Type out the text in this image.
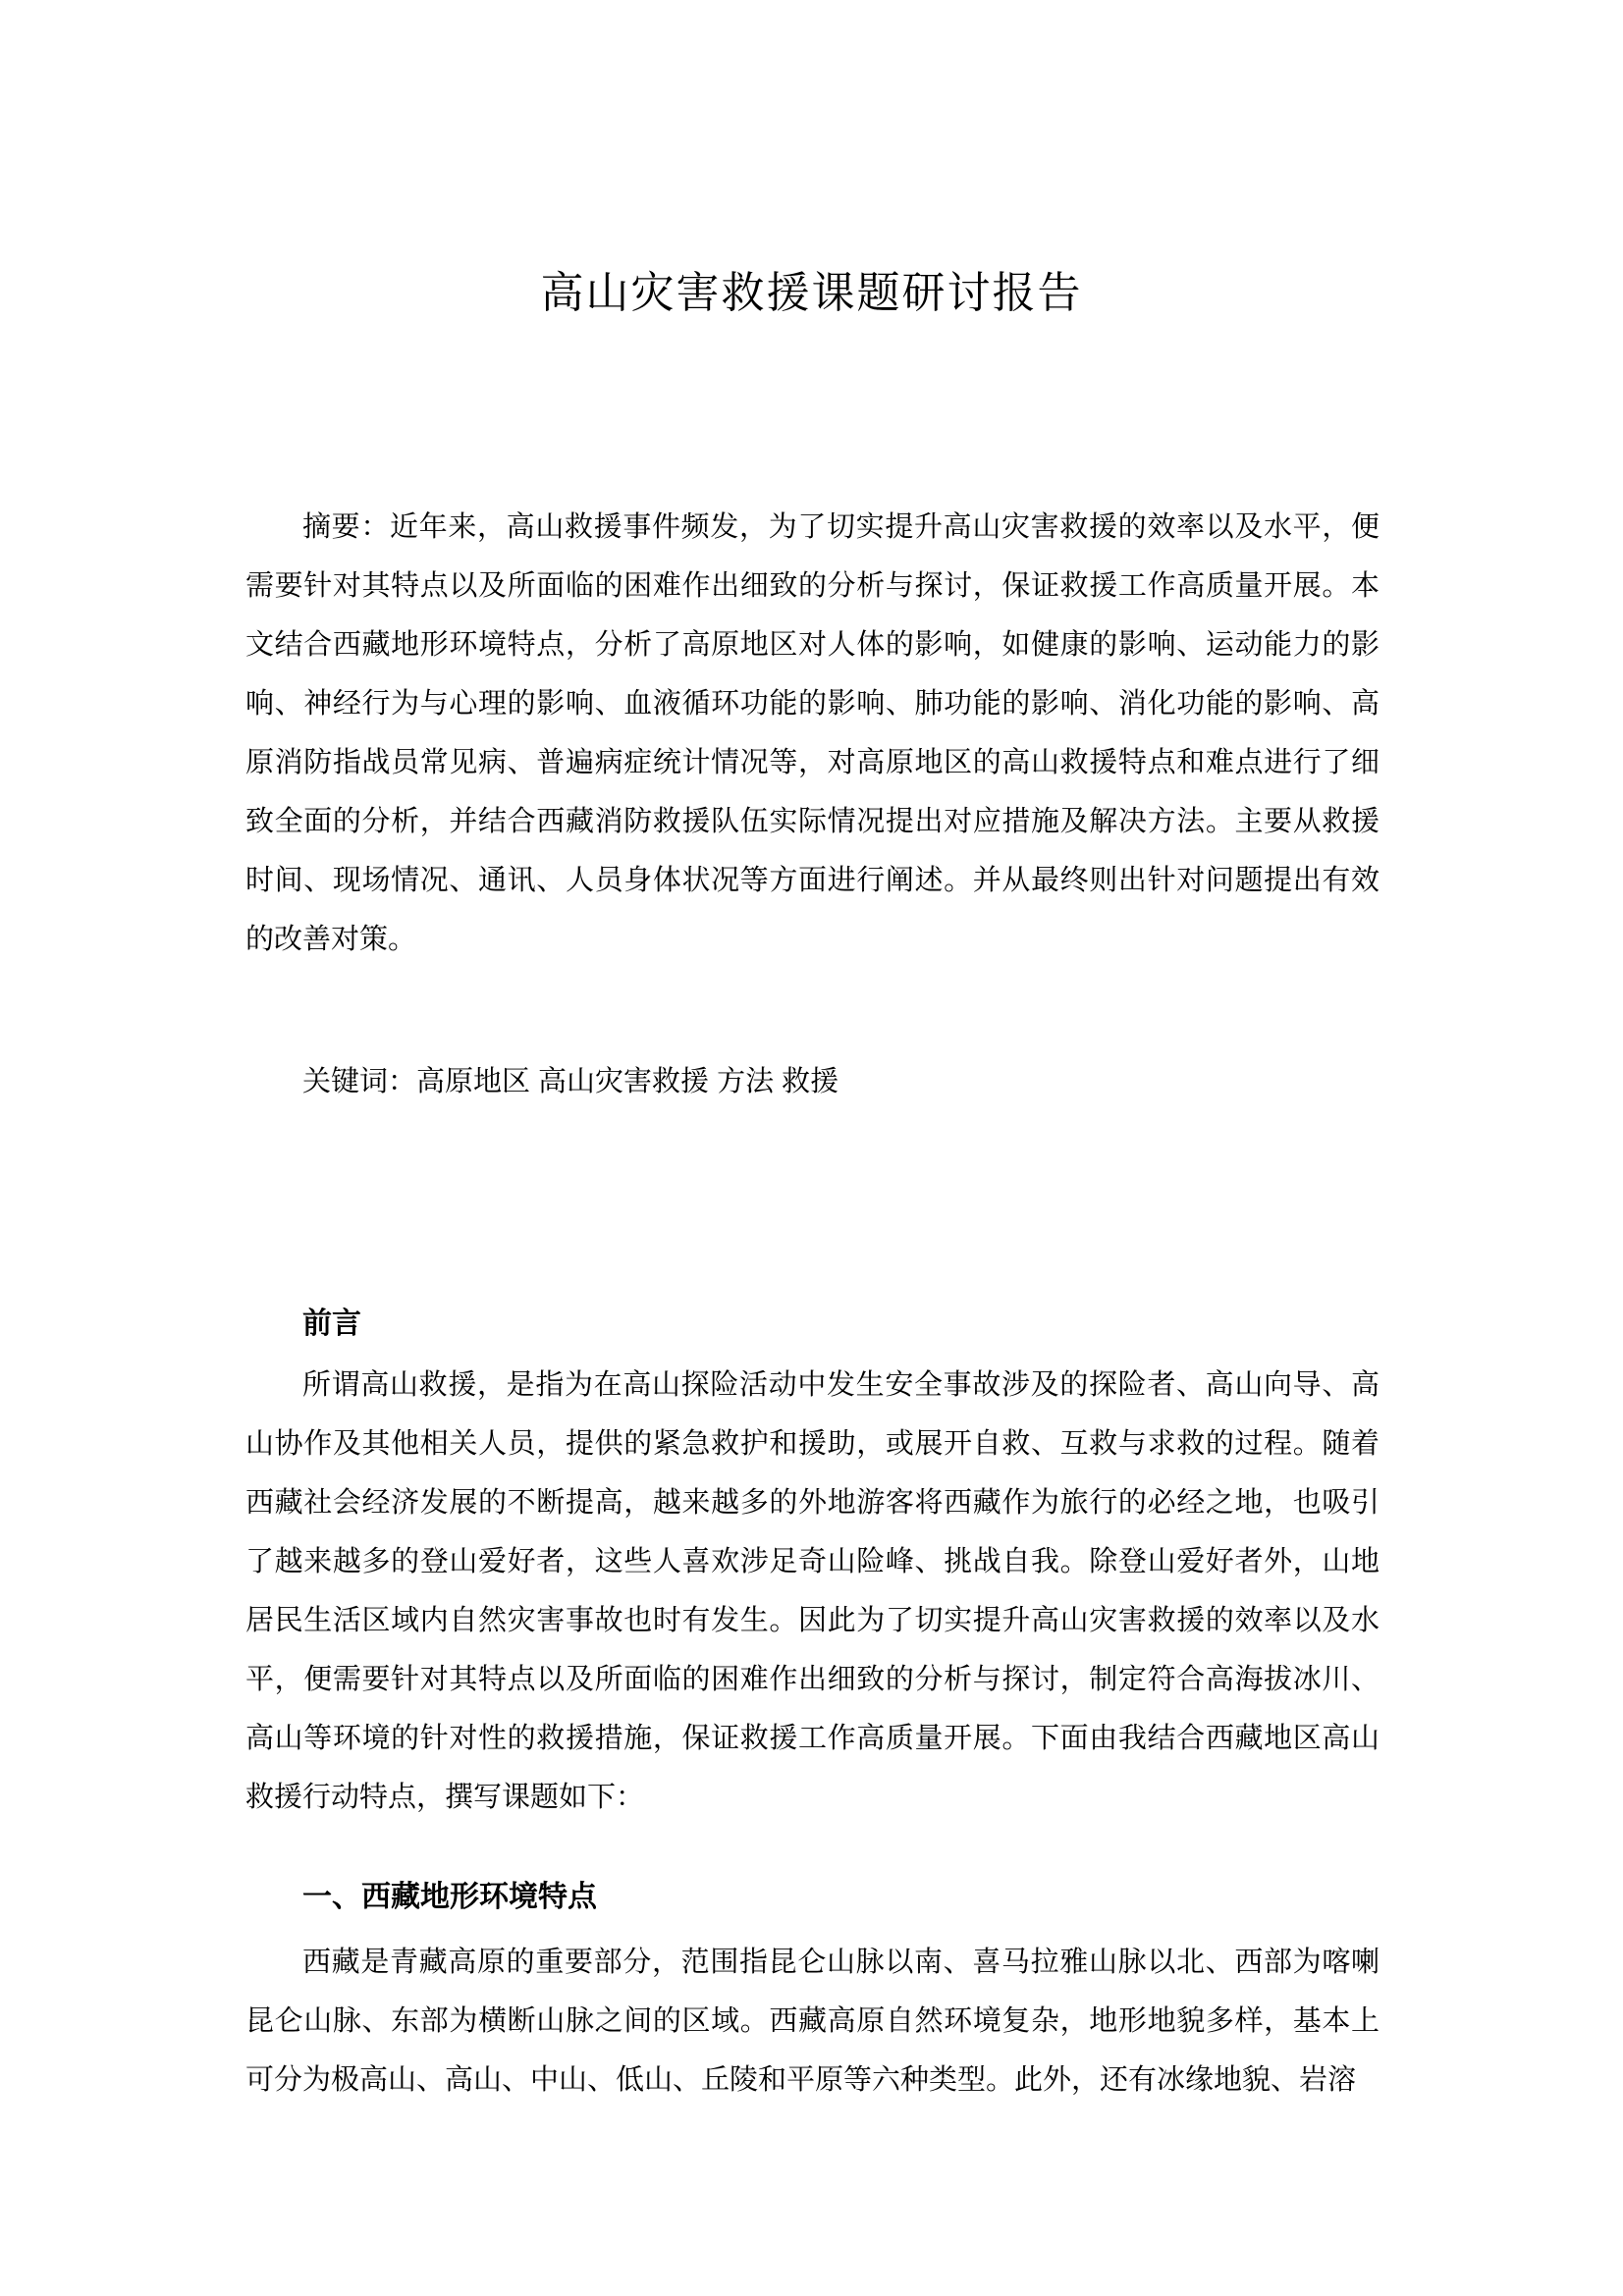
高山灾害救援课题研讨报告

摘要：近年来，高山救援事件频发，为了切实提升高山灾害救援的效率以及水平，便需要针对其特点以及所面临的困难作出细致的分析与探讨，保证救援工作高质量开展。本文结合西藏地形环境特点，分析了高原地区对人体的影响，如健康的影响、运动能力的影响、神经行为与心理的影响、血液循环功能的影响、肺功能的影响、消化功能的影响、高原消防指战员常见病、普遍病症统计情况等，对高原地区的高山救援特点和难点进行了细致全面的分析，并结合西藏消防救援队伍实际情况提出对应措施及解决方法。主要从救援时间、现场情况、通讯、人员身体状况等方面进行阐述。并从最终则出针对问题提出有效的改善对策。

关键词：高原地区 高山灾害救援 方法 救援

前言

所谓高山救援，是指为在高山探险活动中发生安全事故涉及的探险者、高山向导、高山协作及其他相关人员，提供的紧急救护和援助，或展开自救、互救与求救的过程。随着西藏社会经济发展的不断提高，越来越多的外地游客将西藏作为旅行的必经之地，也吸引了越来越多的登山爱好者，这些人喜欢涉足奇山险峰、挑战自我。除登山爱好者外，山地居民生活区域内自然灾害事故也时有发生。因此为了切实提升高山灾害救援的效率以及水平，便需要针对其特点以及所面临的困难作出细致的分析与探讨，制定符合高海拔冰川、高山等环境的针对性的救援措施，保证救援工作高质量开展。下面由我结合西藏地区高山救援行动特点，撰写课题如下：

一、西藏地形环境特点

西藏是青藏高原的重要部分，范围指昆仑山脉以南、喜马拉雅山脉以北、西部为喀喇昆仑山脉、东部为横断山脉之间的区域。西藏高原自然环境复杂，地形地貌多样，基本上可分为极高山、高山、中山、低山、丘陵和平原等六种类型。此外，还有冰缘地貌、岩溶
